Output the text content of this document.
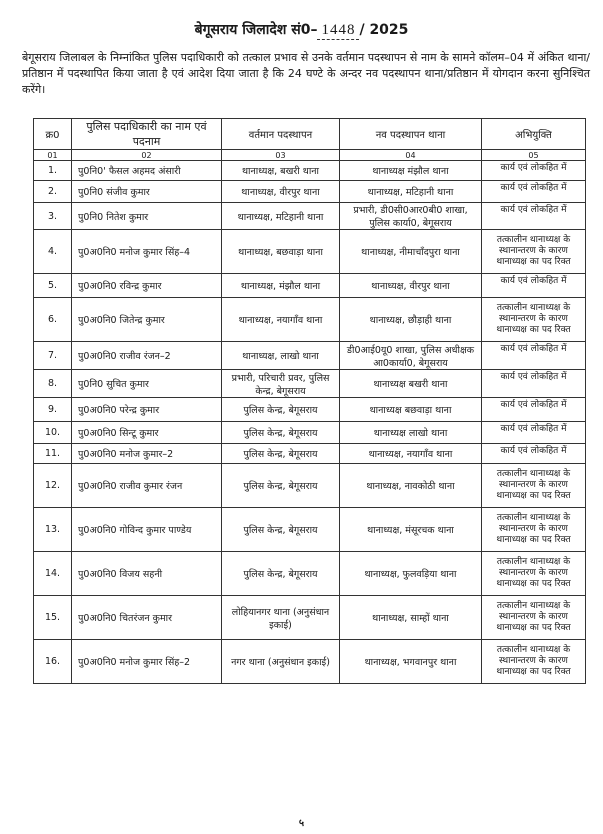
बेगूसराय जिलादेश सं0– 1448 / 2025
बेगूसराय जिलाबल के निम्नांकित पुलिस पदाधिकारी को तत्काल प्रभाव से उनके वर्तमान पदस्थापन से नाम के सामने कॉलम–04 में अंकित थाना/प्रतिष्ठान में पदस्थापित किया जाता है एवं आदेश दिया जाता है कि 24 घण्टे के अन्दर नव पदस्थापन थाना/प्रतिष्ठान में योगदान करना सुनिश्चित करेंगे।
क्र0	पुलिस पदाधिकारी का नाम एवं पदनाम	वर्तमान पदस्थापन	नव पदस्थापन थाना	अभियुक्ति
01	02	03	04	05
1.	पु0नि0' फैसल अहमद अंसारी	थानाध्यक्ष, बखरी थाना	थानाध्यक्ष मंझौल थाना	कार्य एवं लोकहित में
2.	पु0नि0 संजीव कुमार	थानाध्यक्ष, वीरपुर थाना	थानाध्यक्ष, मटिहानी थाना	कार्य एवं लोकहित में
3.	पु0नि0 नितेश कुमार	थानाध्यक्ष, मटिहानी थाना	प्रभारी, डी0सी0आर0बी0 शाखा, पुलिस कार्या0, बेगूसराय	कार्य एवं लोकहित में
4.	पु0अ0नि0 मनोज कुमार सिंह–4	थानाध्यक्ष, बछवाड़ा थाना	थानाध्यक्ष, नीमाचाँदपुरा थाना	तत्कालीन थानाध्यक्ष के स्थानान्तरण के कारण थानाध्यक्ष का पद रिक्त
5.	पु0अ0नि0 रविन्द्र कुमार	थानाध्यक्ष, मंझौल थाना	थानाध्यक्ष, वीरपुर थाना	कार्य एवं लोकहित में
6.	पु0अ0नि0 जितेन्द्र कुमार	थानाध्यक्ष, नयागाँव थाना	थानाध्यक्ष, छौड़ाही थाना	तत्कालीन थानाध्यक्ष के स्थानान्तरण के कारण थानाध्यक्ष का पद रिक्त
7.	पु0अ0नि0 राजीव रंजन–2	थानाध्यक्ष, लाखो थाना	डी0आई0यू0 शाखा, पुलिस अधीक्षक आ0कार्या0, बेगूसराय	कार्य एवं लोकहित में
8.	पु0नि0 सुचित कुमार	प्रभारी, परिचारी प्रवर, पुलिस केन्द्र, बेगूसराय	थानाध्यक्ष बखरी थाना	कार्य एवं लोकहित में
9.	पु0अ0नि0 परेन्द्र कुमार	पुलिस केन्द्र, बेगूसराय	थानाध्यक्ष बछवाड़ा थाना	कार्य एवं लोकहित में
10.	पु0अ0नि0 सिन्टू कुमार	पुलिस केन्द्र, बेगूसराय	थानाध्यक्ष लाखो थाना	कार्य एवं लोकहित में
11.	पु0अ0नि0 मनोज कुमार–2	पुलिस केन्द्र, बेगूसराय	थानाध्यक्ष, नयागाँव थाना	कार्य एवं लोकहित में
12.	पु0अ0नि0 राजीव कुमार रंजन	पुलिस केन्द्र, बेगूसराय	थानाध्यक्ष, नावकोठी थाना	तत्कालीन थानाध्यक्ष के स्थानान्तरण के कारण थानाध्यक्ष का पद रिक्त
13.	पु0अ0नि0 गोविन्द कुमार पाण्डेय	पुलिस केन्द्र, बेगूसराय	थानाध्यक्ष, मंसूरचक थाना	तत्कालीन थानाध्यक्ष के स्थानान्तरण के कारण थानाध्यक्ष का पद रिक्त
14.	पु0अ0नि0 विजय सहनी	पुलिस केन्द्र, बेगूसराय	थानाध्यक्ष, फुलवड़िया थाना	तत्कालीन थानाध्यक्ष के स्थानान्तरण के कारण थानाध्यक्ष का पद रिक्त
15.	पु0अ0नि0 चितरंजन कुमार	लोहियानगर थाना (अनुसंधान इकाई)	थानाध्यक्ष, साम्हों थाना	तत्कालीन थानाध्यक्ष के स्थानान्तरण के कारण थानाध्यक्ष का पद रिक्त
16.	पु0अ0नि0 मनोज कुमार सिंह–2	नगर थाना (अनुसंधान इकाई)	थानाध्यक्ष, भगवानपुर थाना	तत्कालीन थानाध्यक्ष के स्थानान्तरण के कारण थानाध्यक्ष का पद रिक्त
५
